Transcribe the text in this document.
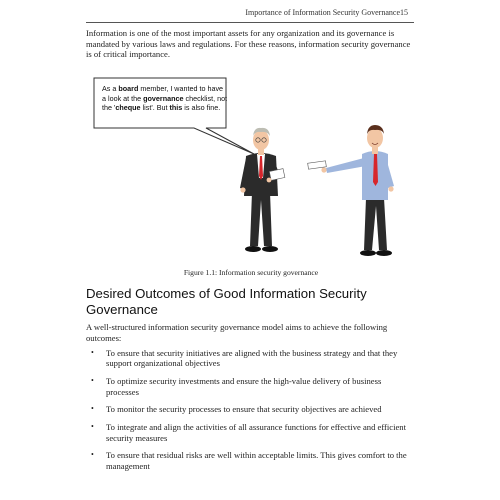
Importance of Information Security Governance 15

Information is one of the most important assets for any organization and its governance is mandated by various laws and regulations. For these reasons, information security governance is of critical importance.

As a board member, I wanted to have a look at the governance checklist, not the 'cheque list'. But this is also fine.
Figure 1.1: Information security governance
Desired Outcomes of Good Information Security Governance

A well-structured information security governance model aims to achieve the following outcomes:

• To ensure that security initiatives are aligned with the business strategy and that they support organizational objectives
• To optimize security investments and ensure the high-value delivery of business processes
• To monitor the security processes to ensure that security objectives are achieved
• To integrate and align the activities of all assurance functions for effective and efficient security measures
• To ensure that residual risks are well within acceptable limits. This gives comfort to the management
